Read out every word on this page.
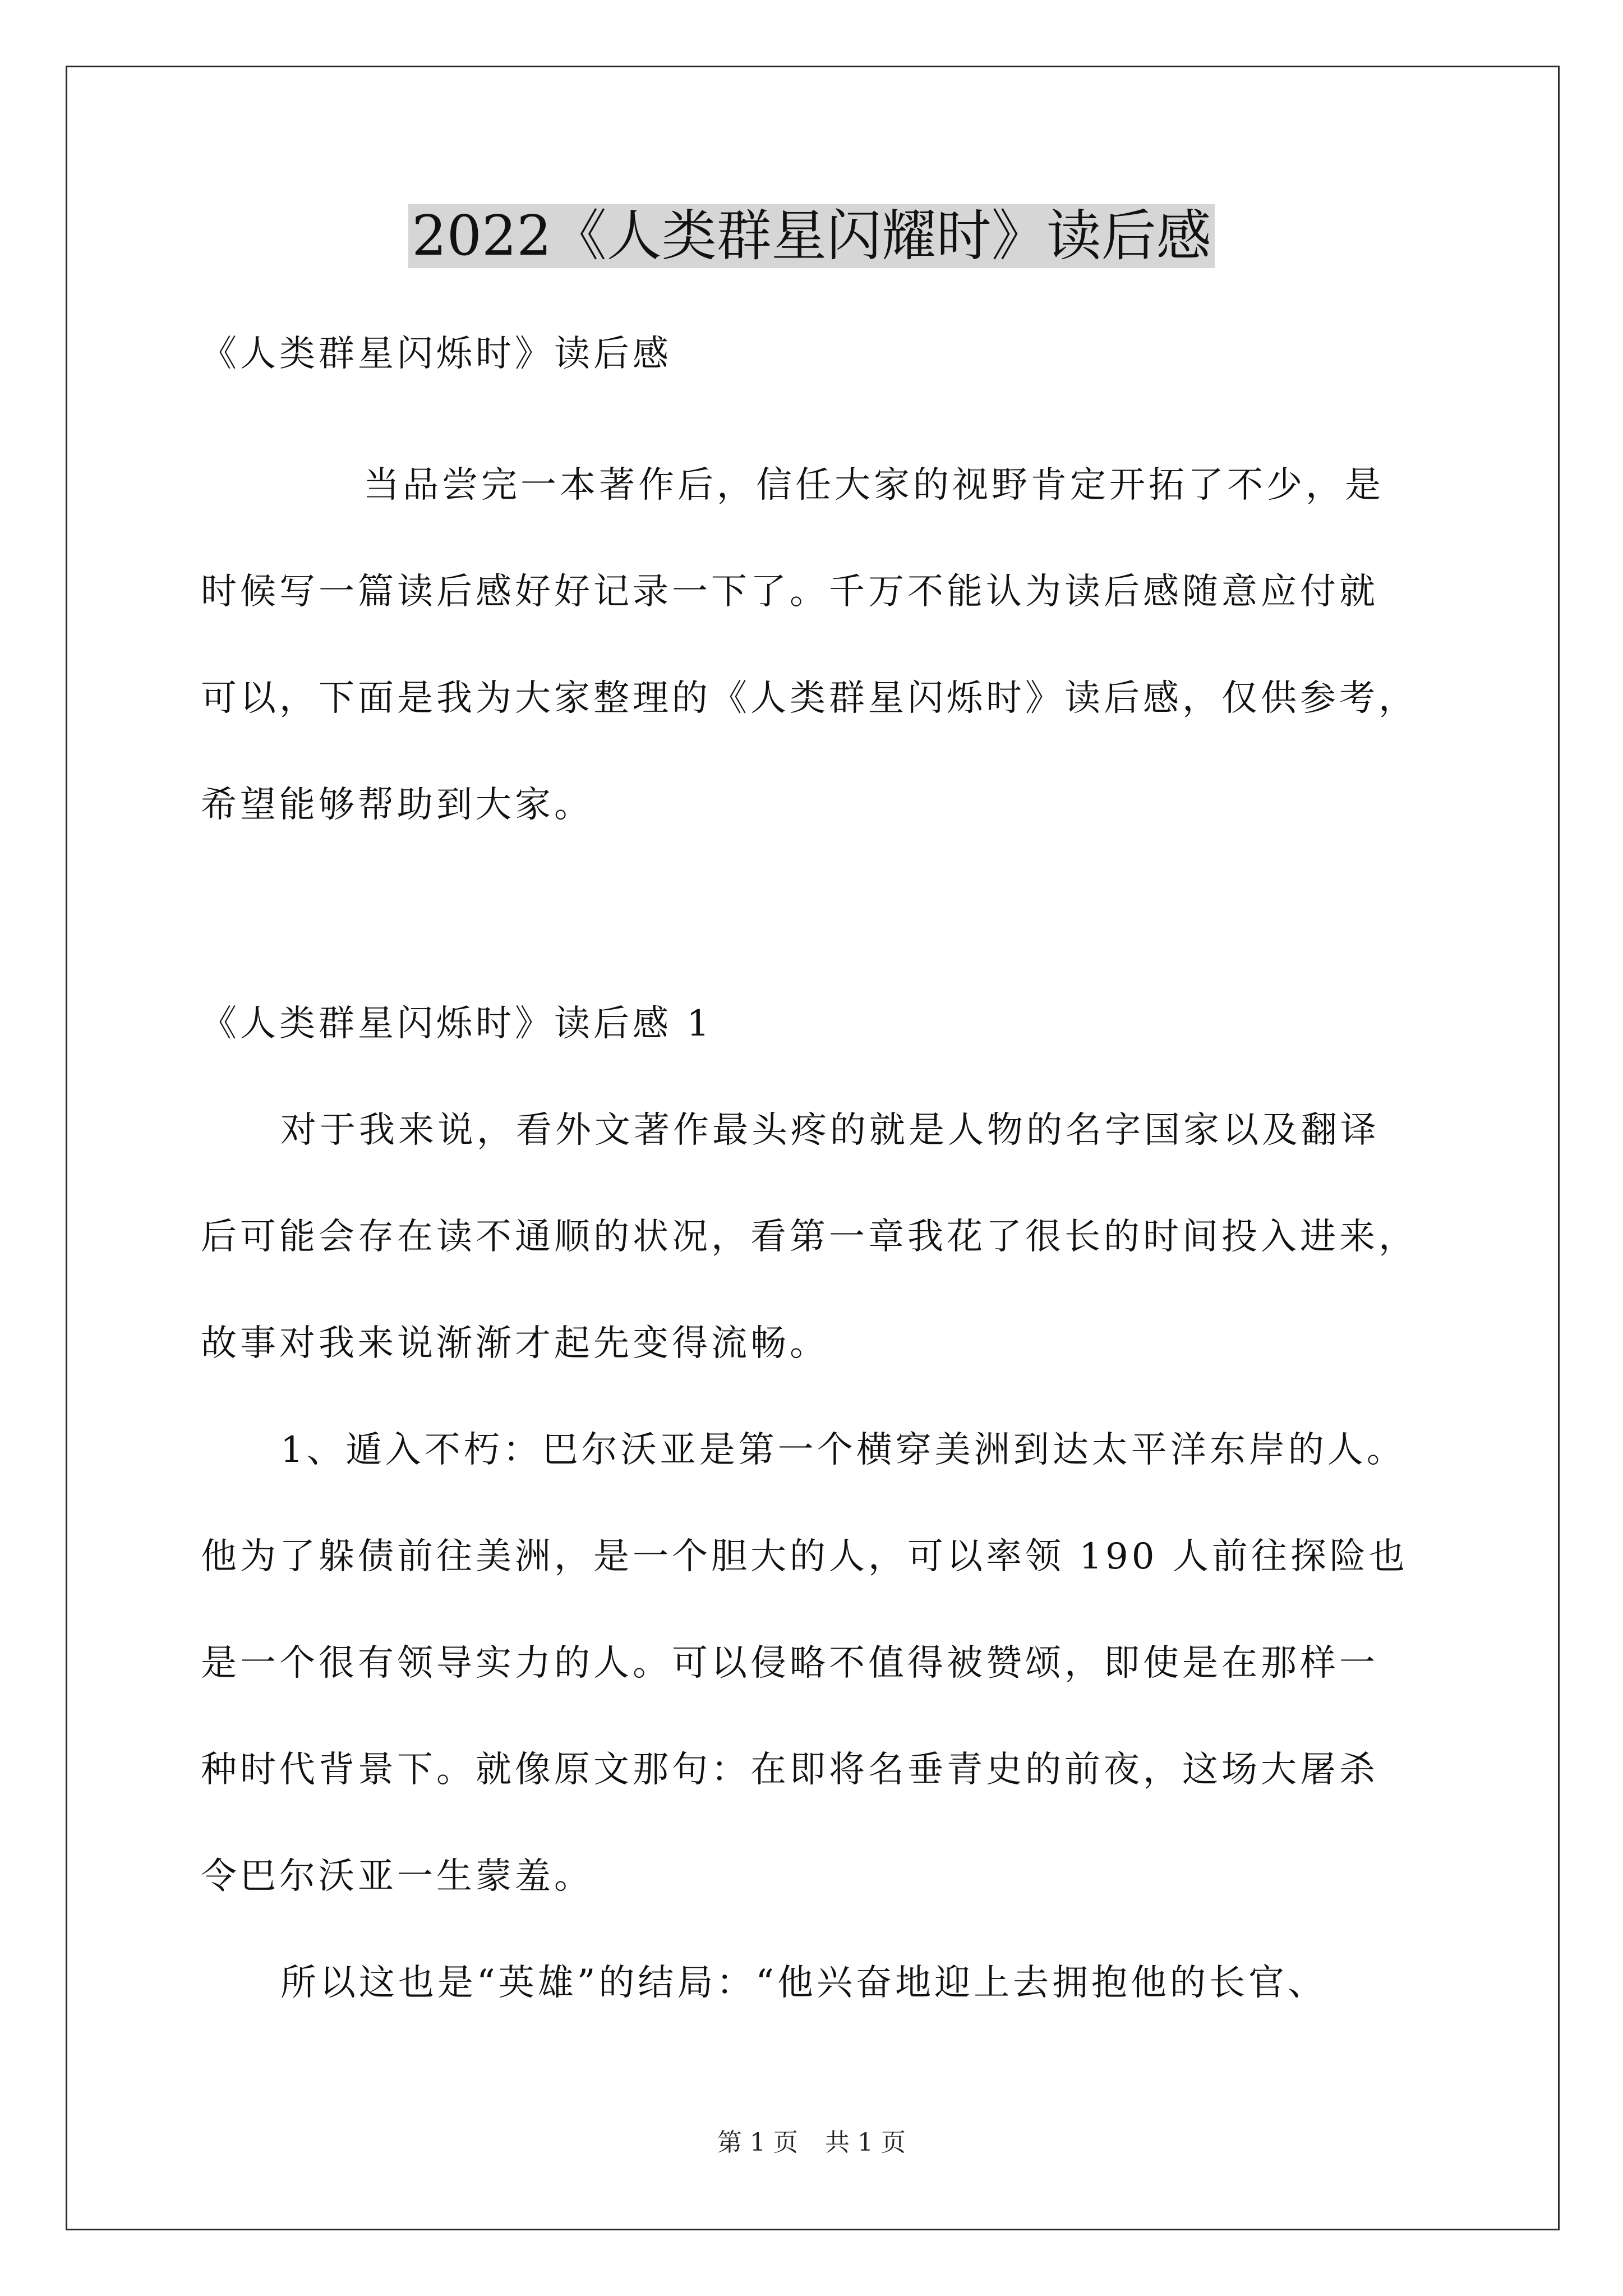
2022《人类群星闪耀时》读后感
《人类群星闪烁时》读后感
当品尝完一本著作后，信任大家的视野肯定开拓了不少，是
时候写一篇读后感好好记录一下了。千万不能认为读后感随意应付就
可以，下面是我为大家整理的《人类群星闪烁时》读后感，仅供参考，
希望能够帮助到大家。
《人类群星闪烁时》读后感 1
对于我来说，看外文著作最头疼的就是人物的名字国家以及翻译
后可能会存在读不通顺的状况，看第一章我花了很长的时间投入进来，
故事对我来说渐渐才起先变得流畅。
1、遁入不朽：巴尔沃亚是第一个横穿美洲到达太平洋东岸的人。
他为了躲债前往美洲，是一个胆大的人，可以率领 190 人前往探险也
是一个很有领导实力的人。可以侵略不值得被赞颂，即使是在那样一
种时代背景下。就像原文那句：在即将名垂青史的前夜，这场大屠杀
令巴尔沃亚一生蒙羞。
所以这也是“英雄”的结局：“他兴奋地迎上去拥抱他的长官、
第 1 页 共 1 页
